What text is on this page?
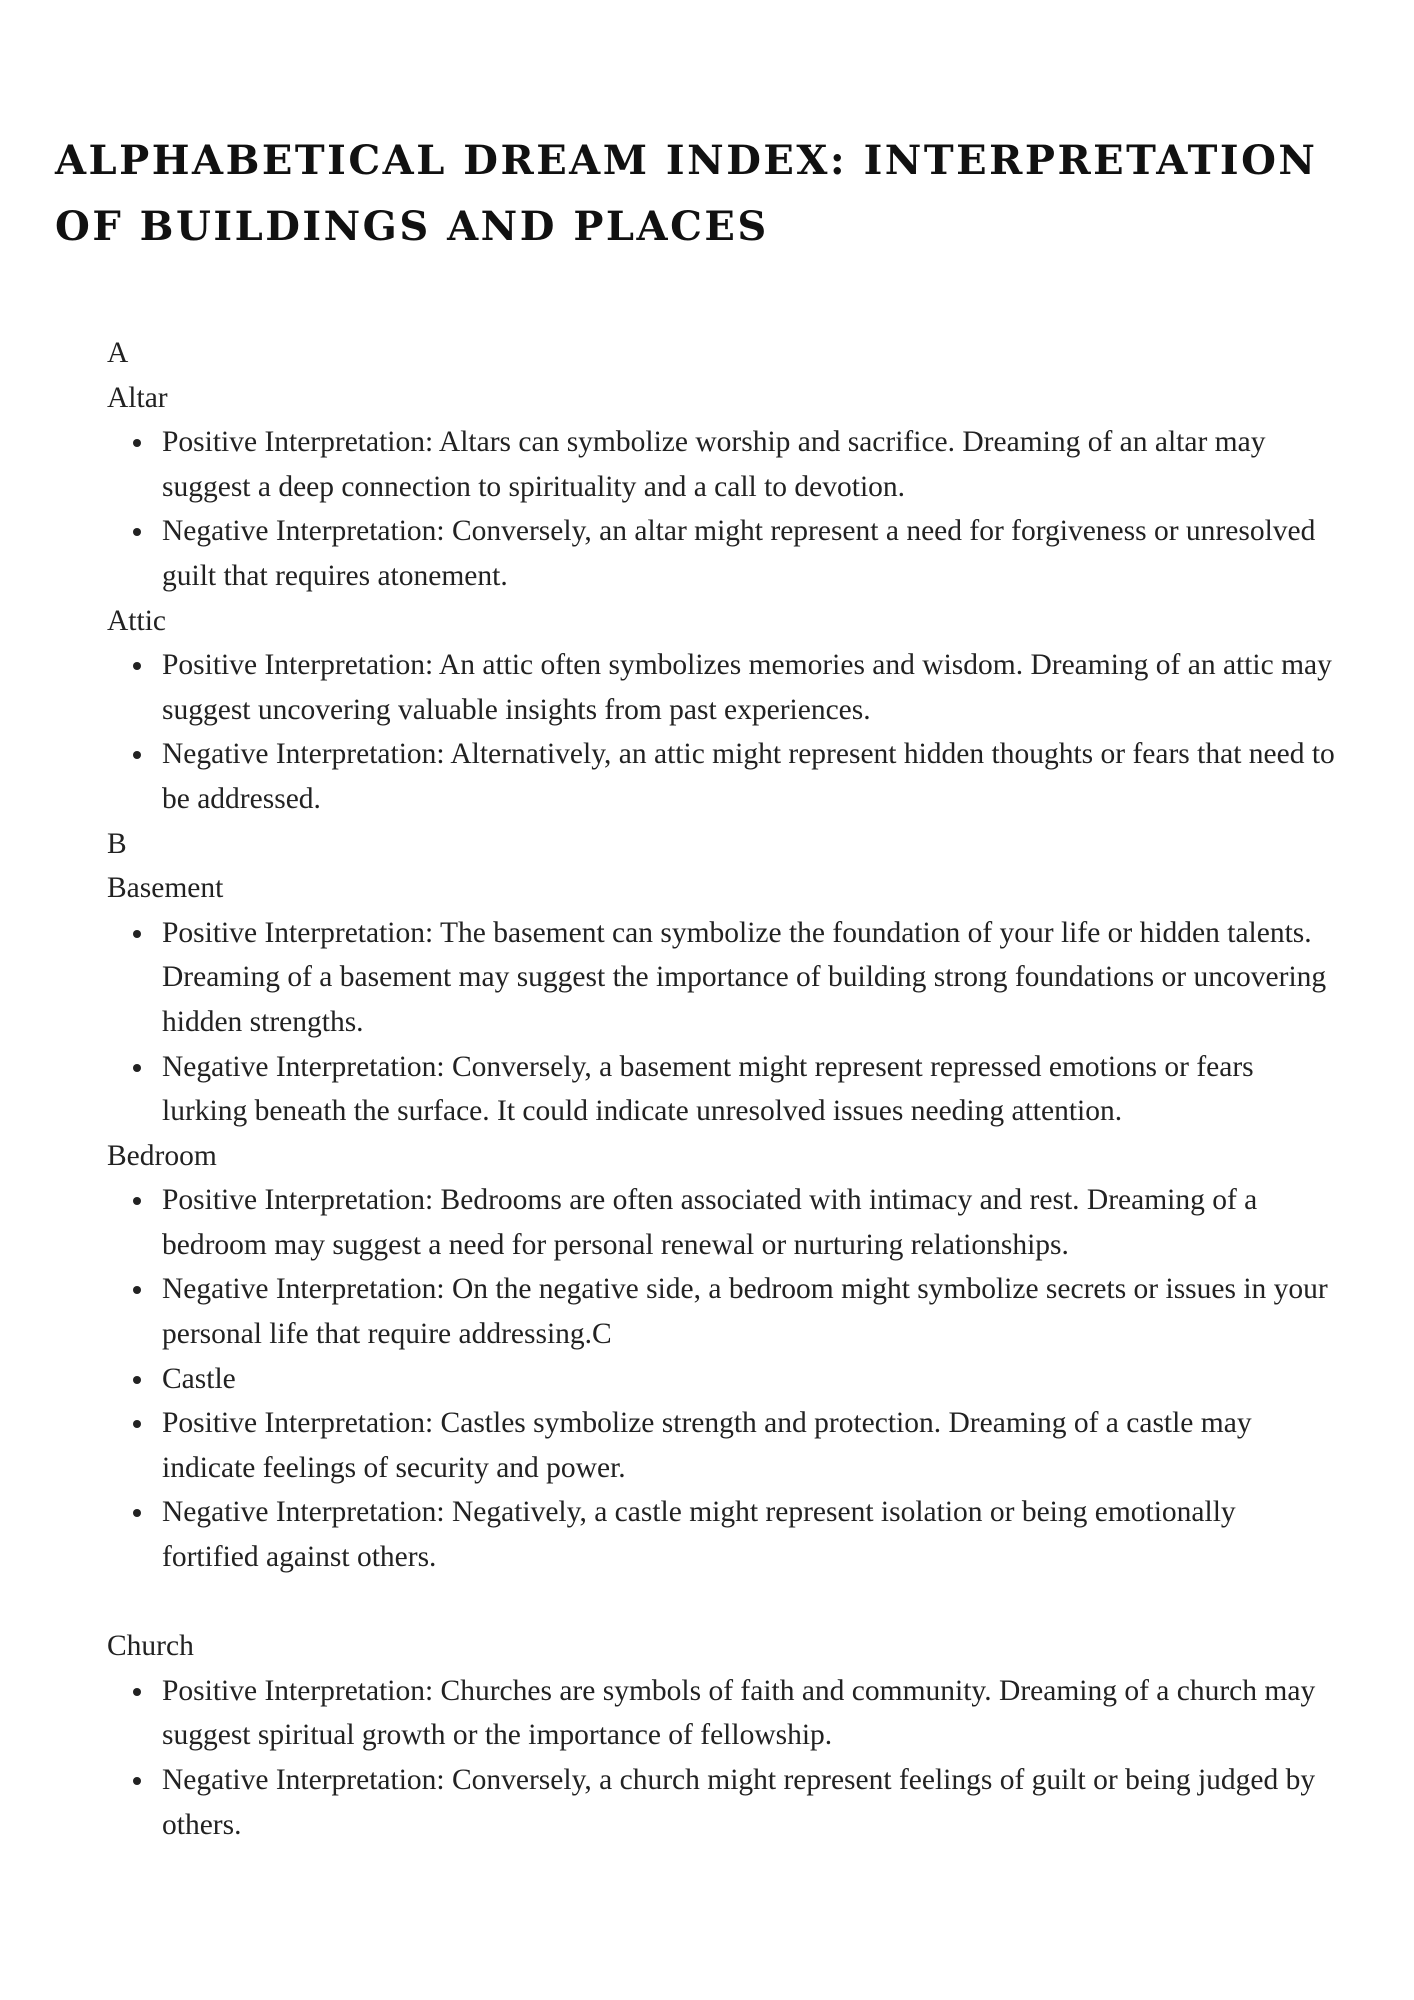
ALPHABETICAL DREAM INDEX: INTERPRETATION OF BUILDINGS AND PLACES

A

Altar

Positive Interpretation: Altars can symbolize worship and sacrifice. Dreaming of an altar may suggest a deep connection to spirituality and a call to devotion.
Negative Interpretation: Conversely, an altar might represent a need for forgiveness or unresolved guilt that requires atonement.

Attic

Positive Interpretation: An attic often symbolizes memories and wisdom. Dreaming of an attic may suggest uncovering valuable insights from past experiences.
Negative Interpretation: Alternatively, an attic might represent hidden thoughts or fears that need to be addressed.

B

Basement

Positive Interpretation: The basement can symbolize the foundation of your life or hidden talents. Dreaming of a basement may suggest the importance of building strong foundations or uncovering hidden strengths.
Negative Interpretation: Conversely, a basement might represent repressed emotions or fears lurking beneath the surface. It could indicate unresolved issues needing attention.

Bedroom

Positive Interpretation: Bedrooms are often associated with intimacy and rest. Dreaming of a bedroom may suggest a need for personal renewal or nurturing relationships.
Negative Interpretation: On the negative side, a bedroom might symbolize secrets or issues in your personal life that require addressing.C
Castle
Positive Interpretation: Castles symbolize strength and protection. Dreaming of a castle may indicate feelings of security and power.
Negative Interpretation: Negatively, a castle might represent isolation or being emotionally fortified against others.

Church

Positive Interpretation: Churches are symbols of faith and community. Dreaming of a church may suggest spiritual growth or the importance of fellowship.
Negative Interpretation: Conversely, a church might represent feelings of guilt or being judged by others.
